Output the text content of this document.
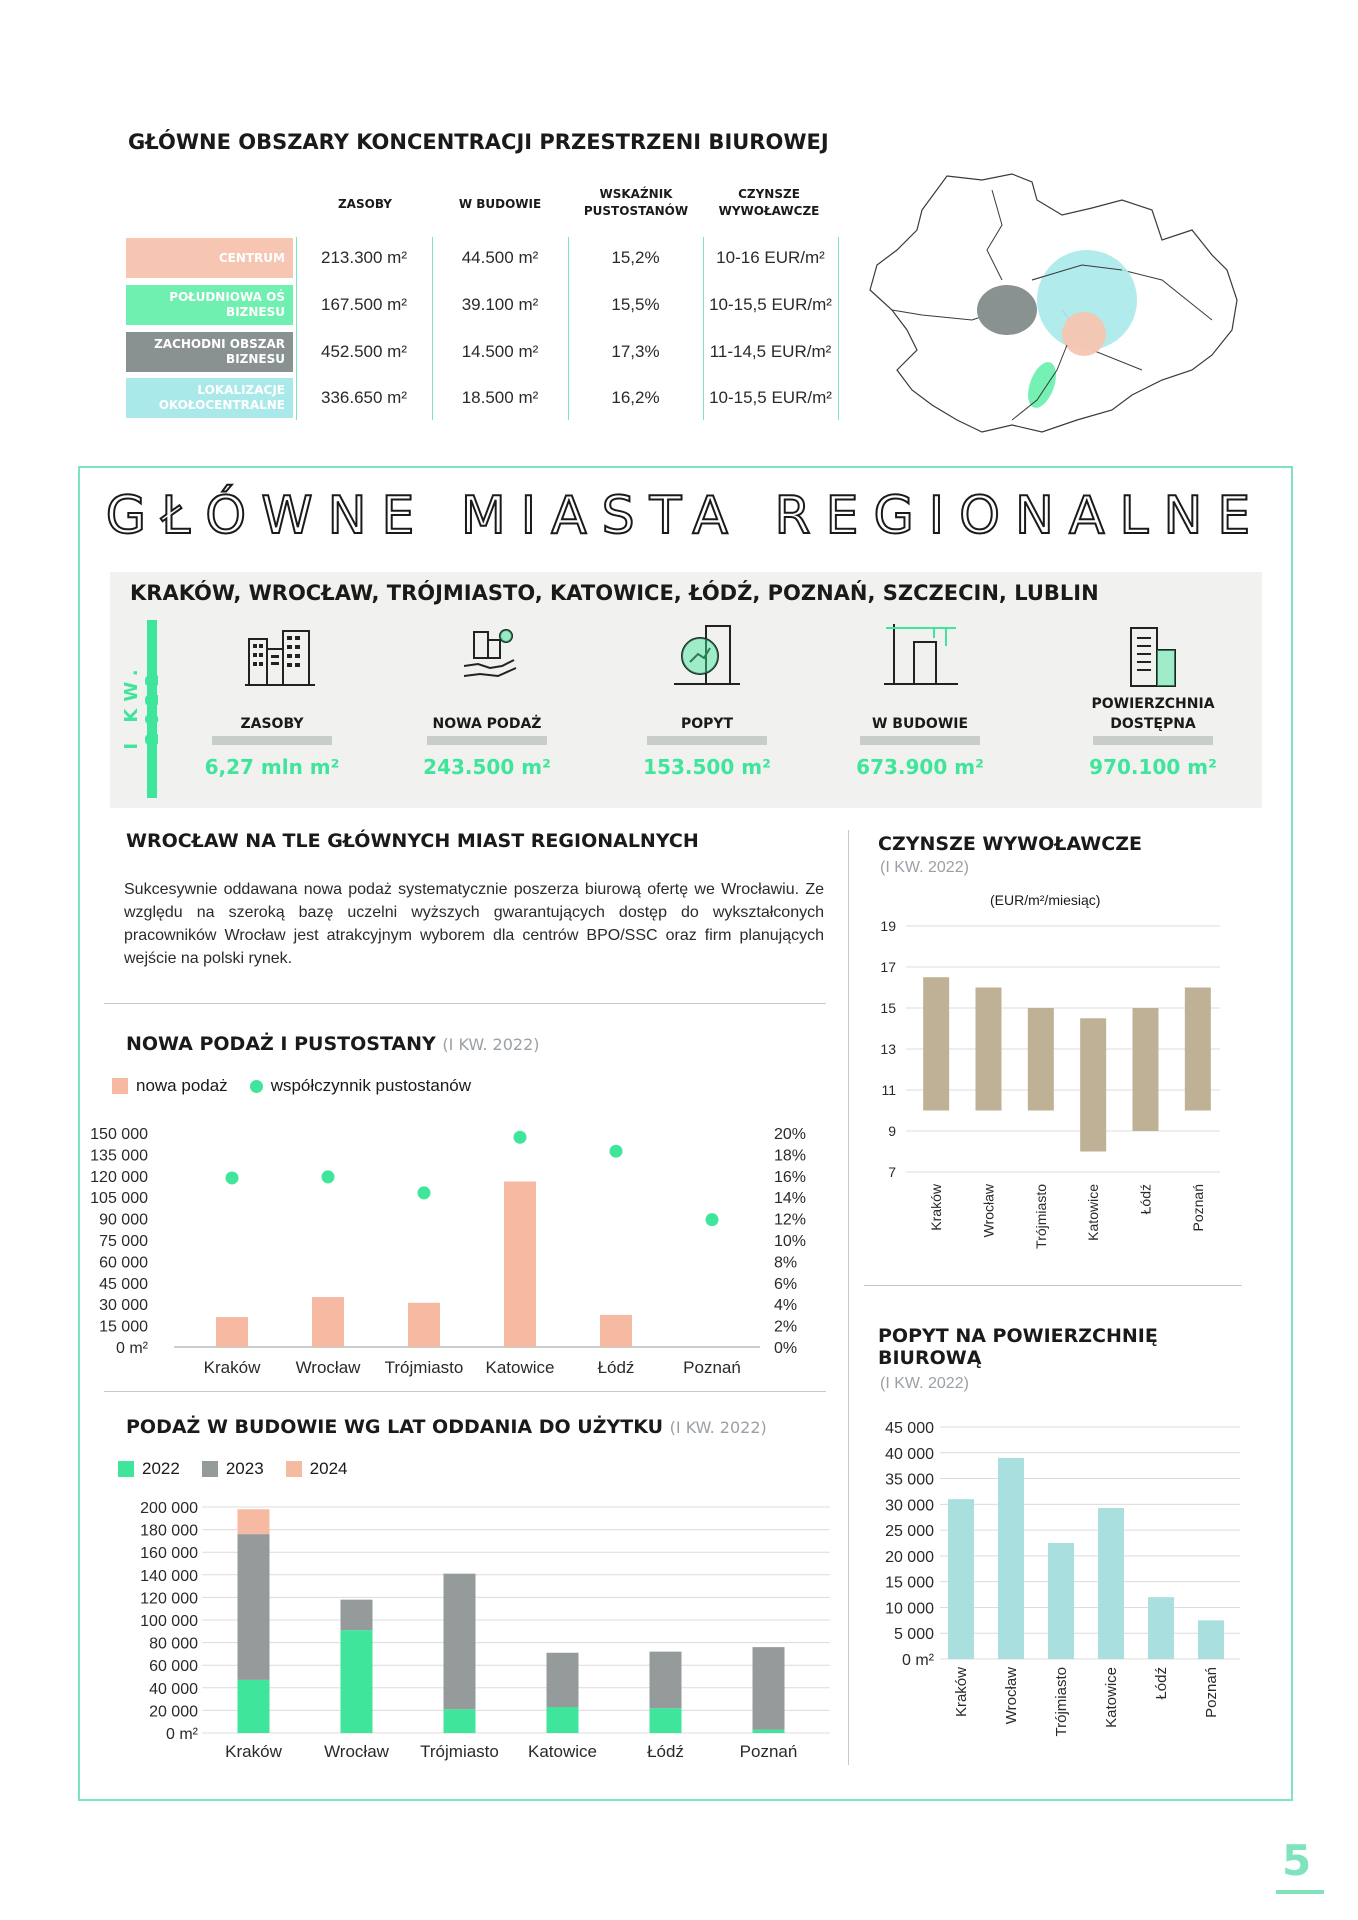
GŁÓWNE OBSZARY KONCENTRACJI PRZESTRZENI BIUROWEJ
ZASOBY	W BUDOWIE
WSKAŹNIK
PUSTOSTANÓW
CZYNSZE
WYWOŁAWCZE
CENTRUM	213.300 m²	44.500 m²	15,2%	10-16 EUR/m²
POŁUDNIOWA OŚ BIZNESU	167.500 m²	39.100 m²	15,5%	10-15,5 EUR/m²
ZACHODNI OBSZAR BIZNESU	452.500 m²	14.500 m²	17,3%	11-14,5 EUR/m²
LOKALIZACJE OKOŁOCENTRALNE	336.650 m²	18.500 m²	16,2%	10-15,5 EUR/m²
GŁÓWNE MIASTA REGIONALNE
KRAKÓW, WROCŁAW, TRÓJMIASTO, KATOWICE, ŁÓDŹ, POZNAŃ, SZCZECIN, LUBLIN
I KW. 2022	ZASOBY
6,27 mln m²
NOWA PODAŻ
243.500 m²
POPYT
153.500 m²
W BUDOWIE
673.900 m²
POWIERZCHNIA DOSTĘPNA
970.100 m²
WROCŁAW NA TLE GŁÓWNYCH MIAST REGIONALNYCH
Sukcesywnie oddawana nowa podaż systematycznie poszerza biurową ofertę we Wrocławiu. Ze względu na szeroką bazę uczelni wyższych gwarantujących dostęp do wykształconych pracowników Wrocław jest atrakcyjnym wyborem dla centrów BPO/SSC oraz firm planujących wejście na polski rynek.
NOWA PODAŻ I PUSTOSTANY (I KW. 2022)
nowa podaż	współczynnik pustostanów
0 m²
15 000
30 000
45 000
60 000
75 000
90 000
105 000
120 000
135 000
150 000
0%
2%
4%
6%
8%
10%
12%
14%
16%
18%
20%
Kraków Wrocław Trójmiasto Katowice	Łódź	Poznań
PODAŻ W BUDOWIE WG LAT ODDANIA DO UŻYTKU (I KW. 2022)
2022	2023	2024
0 m²
20 000
40 000
60 000
80 000
100 000
120 000
140 000
160 000
180 000
200 000
Kraków Wrocław Trójmiasto Katowice	Łódź	Poznań
CZYNSZE WYWOŁAWCZE
(I KW. 2022)
(EUR/m²/miesiąc)
7
9
11
13
15
17
19
Kraków	Wrocław	Trójmiasto	Katowice	Łódź	Poznań
POPYT NA POWIERZCHNIĘ
BIUROWĄ
(I KW. 2022)
0 m²
5 000
10 000
15 000
20 000
25 000
30 000
35 000
40 000
45 000
Kraków Wrocław Trójmiasto Katowice Łódź Poznań
5
